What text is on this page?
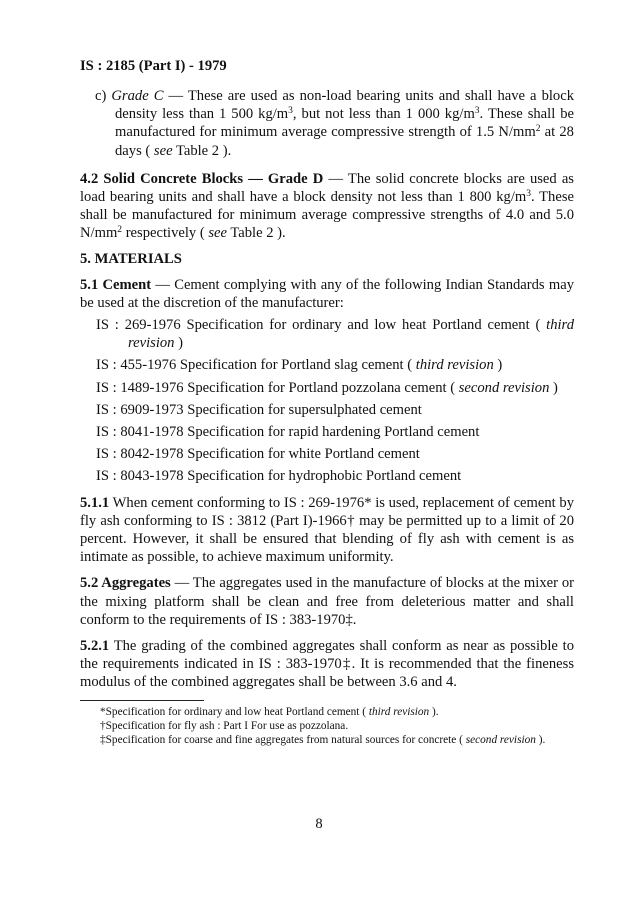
IS : 2185 (Part I) - 1979

c) Grade C — These are used as non-load bearing units and shall have a block density less than 1 500 $kg/m^3$, but not less than 1 000 $kg/m^3$. These shall be manufactured for minimum average compressive strength of 1.5 $N/mm^2$ at 28 days ( see Table 2 ).

4.2 Solid Concrete Blocks — Grade D — The solid concrete blocks are used as load bearing units and shall have a block density not less than 1 800 $kg/m^3$. These shall be manufactured for minimum average compressive strengths of 4.0 and 5.0 $N/mm^2$ respectively ( see Table 2 ).

5. MATERIALS

5.1 Cement — Cement complying with any of the following Indian Standards may be used at the discretion of the manufacturer:

IS : 269-1976 Specification for ordinary and low heat Portland cement ( third revision )

IS : 455-1976 Specification for Portland slag cement ( third revision )

IS : 1489-1976 Specification for Portland pozzolana cement ( second revision )

IS : 6909-1973 Specification for supersulphated cement

IS : 8041-1978 Specification for rapid hardening Portland cement

IS : 8042-1978 Specification for white Portland cement

IS : 8043-1978 Specification for hydrophobic Portland cement

5.1.1 When cement conforming to IS : 269-1976* is used, replacement of cement by fly ash conforming to IS : 3812 (Part I)-1966† may be permitted up to a limit of 20 percent. However, it shall be ensured that blending of fly ash with cement is as intimate as possible, to achieve maximum uniformity.

5.2 Aggregates — The aggregates used in the manufacture of blocks at the mixer or the mixing platform shall be clean and free from deleterious matter and shall conform to the requirements of IS : 383-1970‡.

5.2.1 The grading of the combined aggregates shall conform as near as possible to the requirements indicated in IS : 383-1970‡. It is recommended that the fineness modulus of the combined aggregates shall be between 3.6 and 4.

*Specification for ordinary and low heat Portland cement ( third revision ).

†Specification for fly ash : Part I For use as pozzolana.

‡Specification for coarse and fine aggregates from natural sources for concrete ( second revision ).

8
